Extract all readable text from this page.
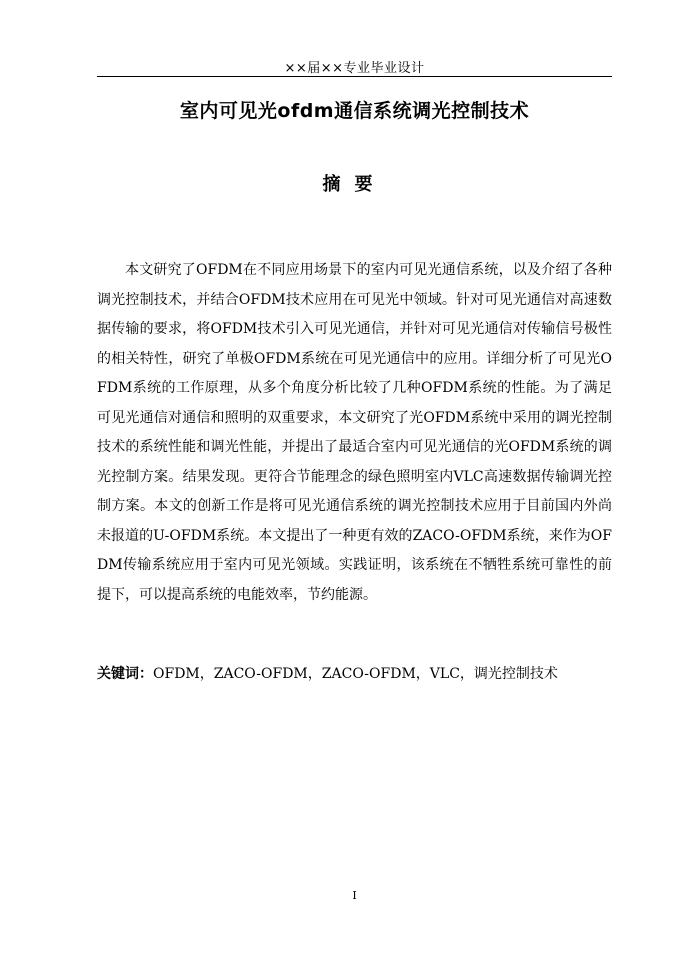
××届××专业毕业设计
室内可见光ofdm通信系统调光控制技术
摘要

本文研究了OFDM在不同应用场景下的室内可见光通信系统，以及介绍了各种调光控制技术，并结合OFDM技术应用在可见光中领域。针对可见光通信对高速数据传输的要求，将OFDM技术引入可见光通信，并针对可见光通信对传输信号极性的相关特性，研究了单极OFDM系统在可见光通信中的应用。详细分析了可见光OFDM系统的工作原理，从多个角度分析比较了几种OFDM系统的性能。为了满足可见光通信对通信和照明的双重要求，本文研究了光OFDM系统中采用的调光控制技术的系统性能和调光性能，并提出了最适合室内可见光通信的光OFDM系统的调光控制方案。结果发现。更符合节能理念的绿色照明室内VLC高速数据传输调光控制方案。本文的创新工作是将可见光通信系统的调光控制技术应用于目前国内外尚未报道的U-OFDM系统。本文提出了一种更有效的ZACO-OFDM系统，来作为OFDM传输系统应用于室内可见光领域。实践证明，该系统在不牺牲系统可靠性的前提下，可以提高系统的电能效率，节约能源。

关键词：OFDM，ZACO-OFDM，ZACO-OFDM，VLC，调光控制技术
I
